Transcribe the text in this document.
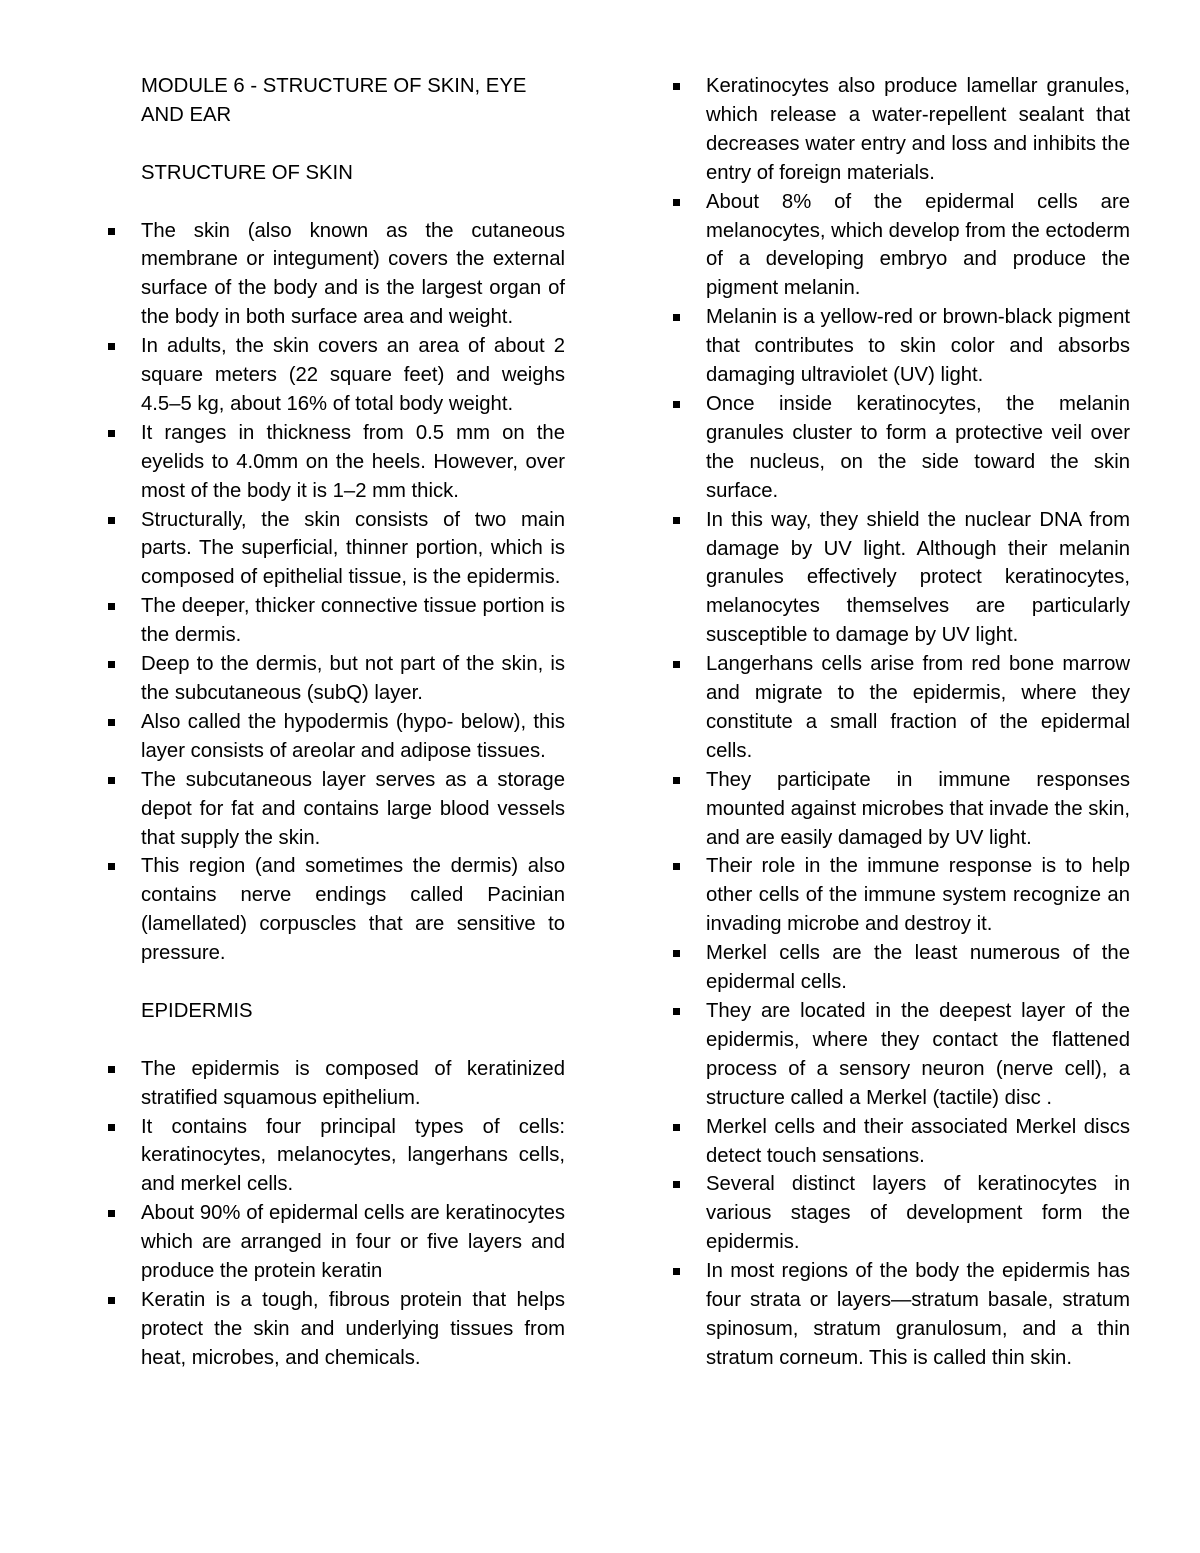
MODULE 6 - STRUCTURE OF SKIN, EYE AND EAR
STRUCTURE OF SKIN
The skin (also known as the cutaneous membrane or integument) covers the external surface of the body and is the largest organ of the body in both surface area and weight.
In adults, the skin covers an area of about 2 square meters (22 square feet) and weighs 4.5–5 kg, about 16% of total body weight.
It ranges in thickness from 0.5 mm on the eyelids to 4.0mm on the heels. However, over most of the body it is 1–2 mm thick.
Structurally, the skin consists of two main parts. The superficial, thinner portion, which is composed of epithelial tissue, is the epidermis.
The deeper, thicker connective tissue portion is the dermis.
Deep to the dermis, but not part of the skin, is the subcutaneous (subQ) layer.
Also called the hypodermis (hypo- below), this layer consists of areolar and adipose tissues.
The subcutaneous layer serves as a storage depot for fat and contains large blood vessels that supply the skin.
This region (and sometimes the dermis) also contains nerve endings called Pacinian (lamellated) corpuscles that are sensitive to pressure.
EPIDERMIS
The epidermis is composed of keratinized stratified squamous epithelium.
It contains four principal types of cells: keratinocytes, melanocytes, langerhans cells, and merkel cells.
About 90% of epidermal cells are keratinocytes which are arranged in four or five layers and produce the protein keratin
Keratin is a tough, fibrous protein that helps protect the skin and underlying tissues from heat, microbes, and chemicals.
Keratinocytes also produce lamellar granules, which release a water-repellent sealant that decreases water entry and loss and inhibits the entry of foreign materials.
About 8% of the epidermal cells are melanocytes, which develop from the ectoderm of a developing embryo and produce the pigment melanin.
Melanin is a yellow-red or brown-black pigment that contributes to skin color and absorbs damaging ultraviolet (UV) light.
Once inside keratinocytes, the melanin granules cluster to form a protective veil over the nucleus, on the side toward the skin surface.
In this way, they shield the nuclear DNA from damage by UV light. Although their melanin granules effectively protect keratinocytes, melanocytes themselves are particularly susceptible to damage by UV light.
Langerhans cells arise from red bone marrow and migrate to the epidermis, where they constitute a small fraction of the epidermal cells.
They participate in immune responses mounted against microbes that invade the skin, and are easily damaged by UV light.
Their role in the immune response is to help other cells of the immune system recognize an invading microbe and destroy it.
Merkel cells are the least numerous of the epidermal cells.
They are located in the deepest layer of the epidermis, where they contact the flattened process of a sensory neuron (nerve cell), a structure called a Merkel (tactile) disc .
Merkel cells and their associated Merkel discs detect touch sensations.
Several distinct layers of keratinocytes in various stages of development form the epidermis.
In most regions of the body the epidermis has four strata or layers—stratum basale, stratum spinosum, stratum granulosum, and a thin stratum corneum. This is called thin skin.
